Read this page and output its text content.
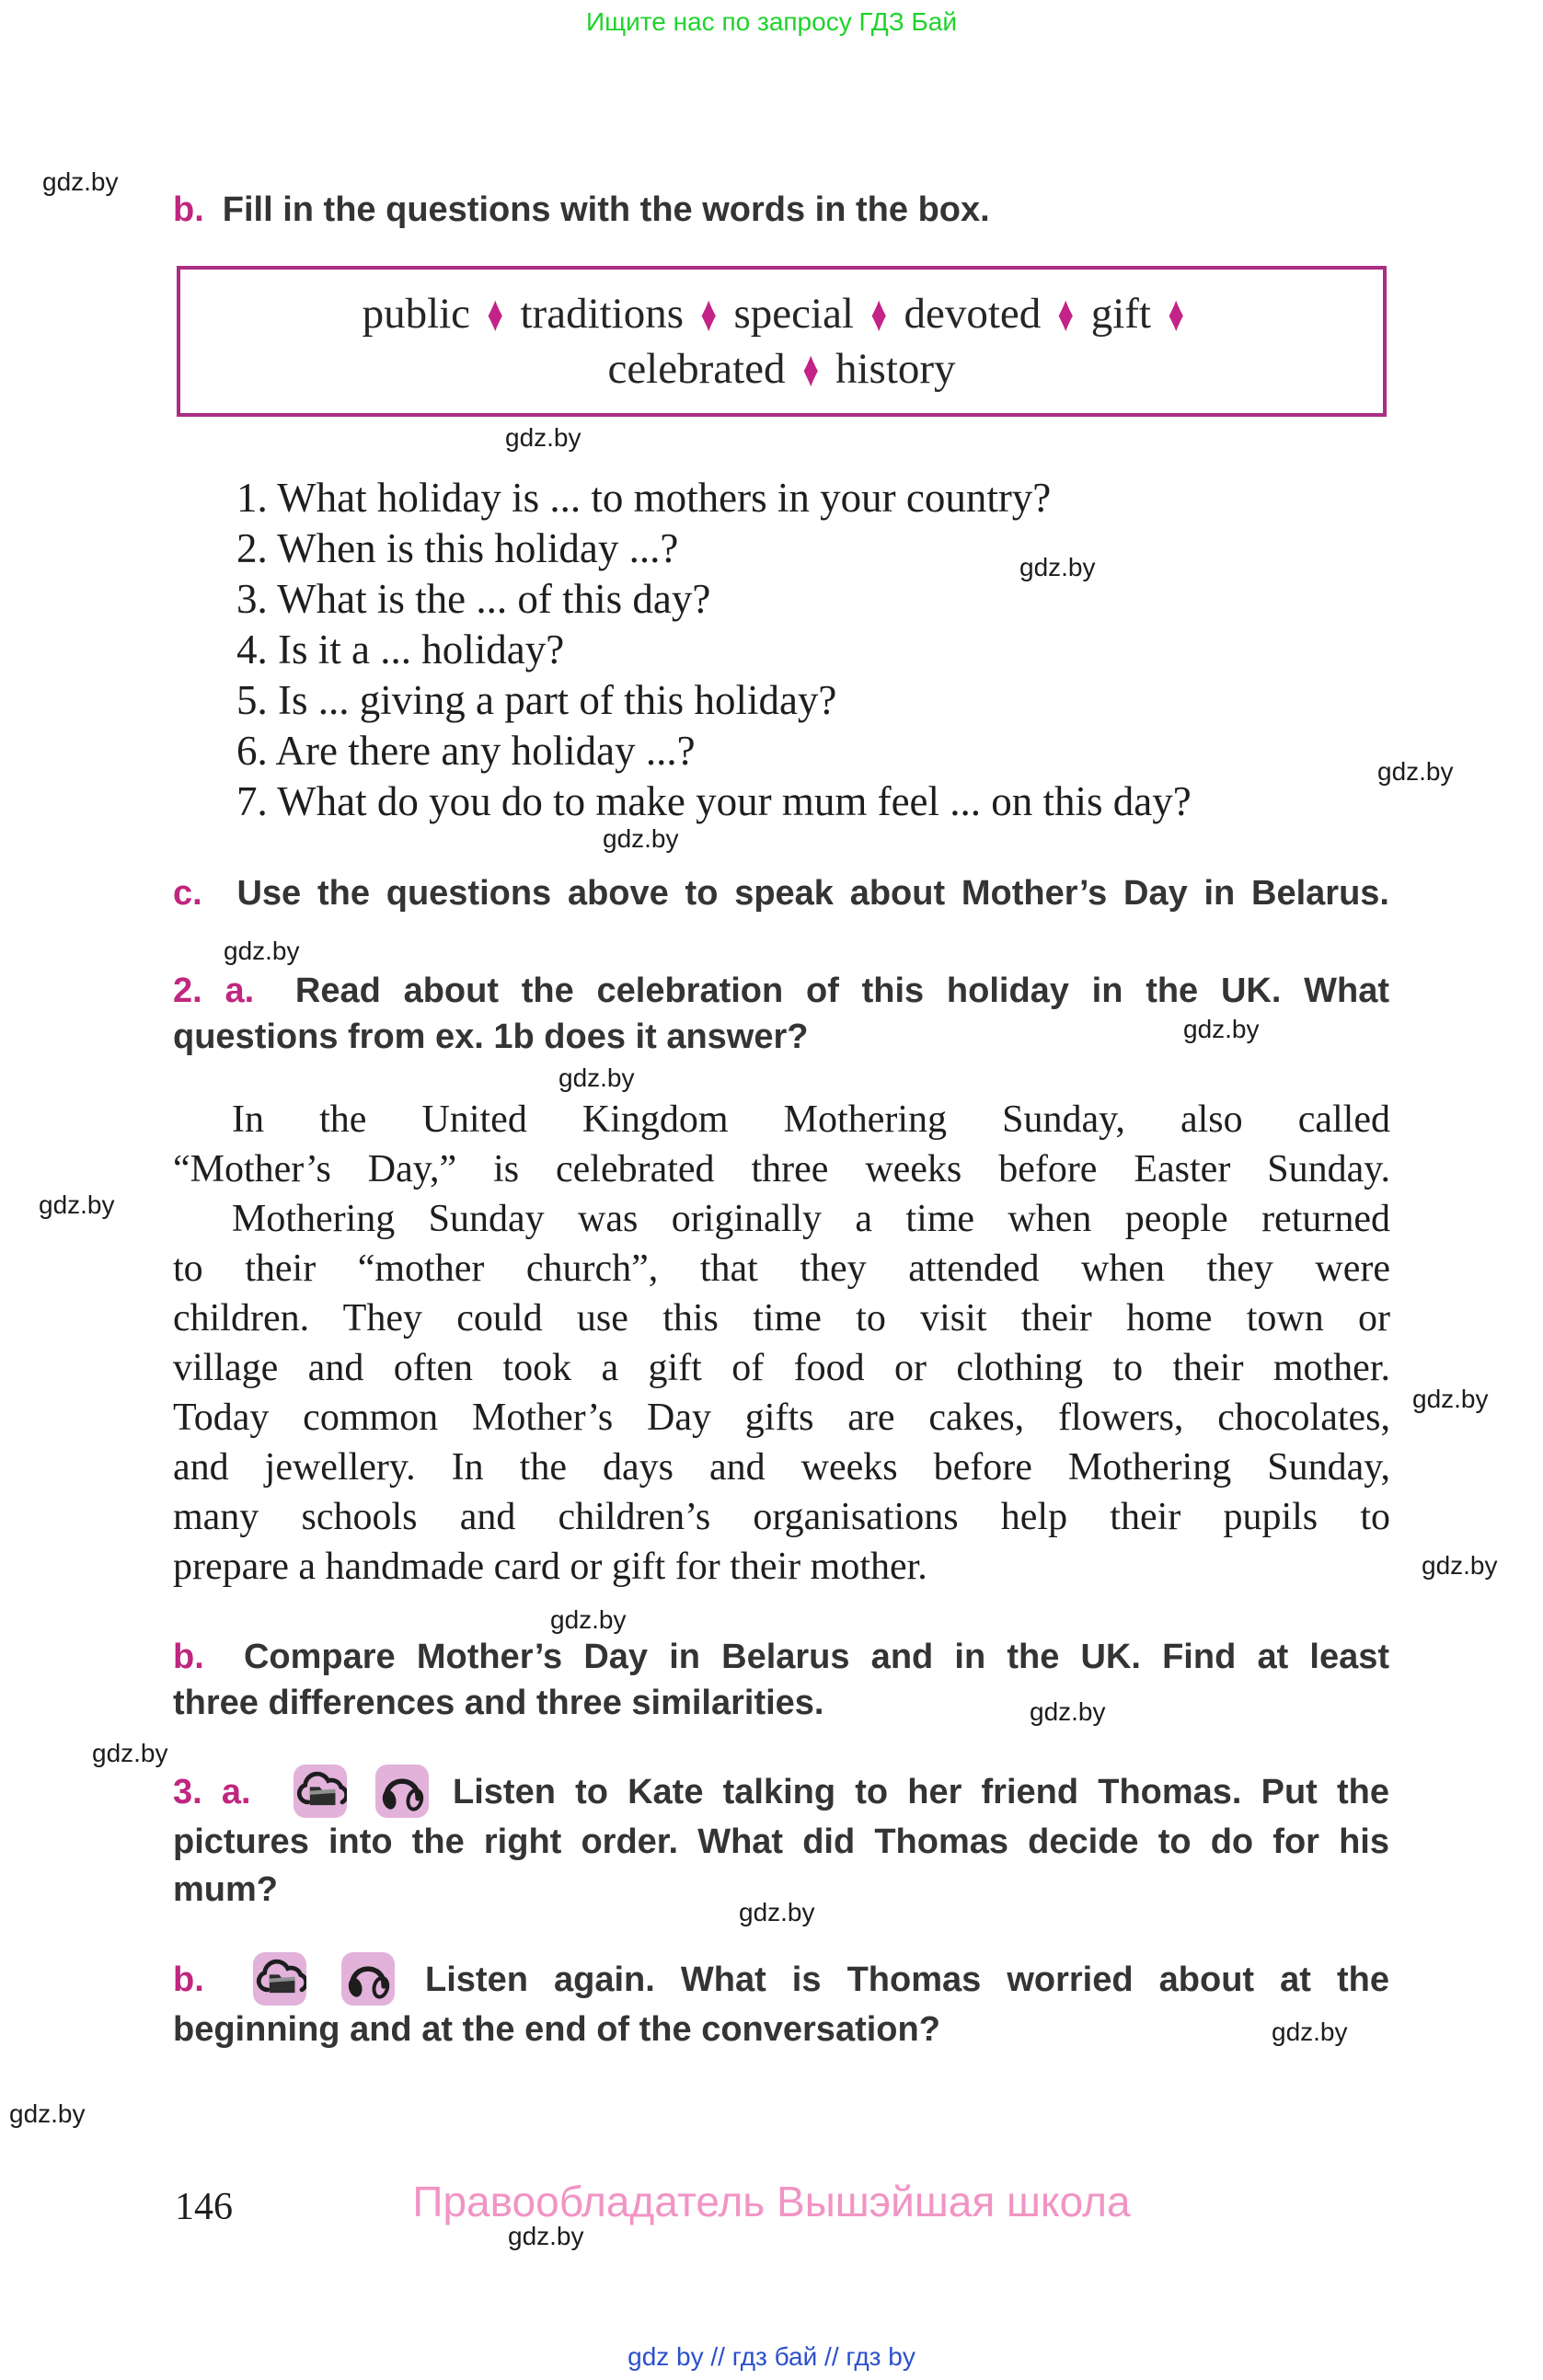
Ищите нас по запросу ГДЗ Бай
gdz.by
gdz.by
gdz.by
gdz.by
gdz.by
gdz.by
gdz.by
gdz.by
gdz.by
gdz.by
gdz.by
gdz.by
gdz.by
gdz.by
gdz.by
gdz.by
gdz.by
gdz.by
b. Fill in the questions with the words in the box.
public ♦ traditions ♦ special ♦ devoted ♦ gift ♦
celebrated ♦ history
1. What holiday is ... to mothers in your country?
2. When is this holiday ...?
3. What is the ... of this day?
4. Is it a ... holiday?
5. Is ... giving a part of this holiday?
6. Are there any holiday ...?
7. What do you do to make your mum feel ... on this day?
c. Use the questions above to speak about Mother’s Day in Belarus.
2. a. Read about the celebration of this holiday in the UK. What
questions from ex. 1b does it answer?
In the United Kingdom Mothering Sunday, also called
“Mother’s Day,” is celebrated three weeks before Easter Sunday.
Mothering Sunday was originally a time when people returned
to their “mother church”, that they attended when they were
children. They could use this time to visit their home town or
village and often took a gift of food or clothing to their mother.
Today common Mother’s Day gifts are cakes, flowers, chocolates,
and jewellery. In the days and weeks before Mothering Sunday,
many schools and children’s organisations help their pupils to
prepare a handmade card or gift for their mother.
b. Compare Mother’s Day in Belarus and in the UK. Find at least
three differences and three similarities.
3. a.
	Listen to Kate talking to her friend Thomas. Put the
pictures into the right order. What did Thomas decide to do for his
mum?
b.
	Listen again. What is Thomas worried about at the
beginning and at the end of the conversation?
146	Правообладатель Вышэйшая школа
gdz by // гдз бай // гдз by
